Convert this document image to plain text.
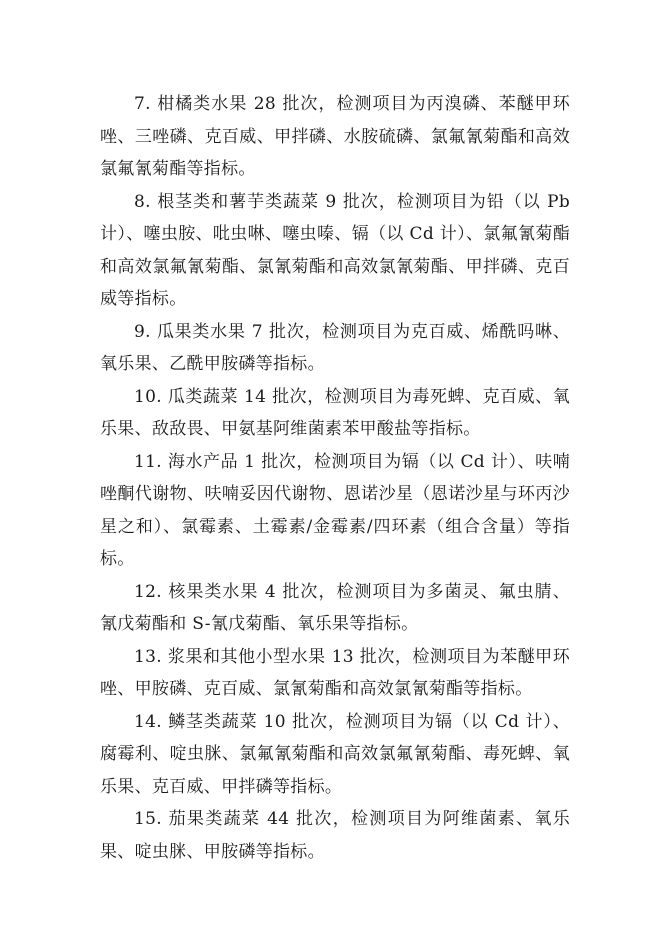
7. 柑橘类水果 28 批次，检测项目为丙溴磷、苯醚甲环唑、三唑磷、克百威、甲拌磷、水胺硫磷、氯氟氰菊酯和高效氯氟氰菊酯等指标。

8. 根茎类和薯芋类蔬菜 9 批次，检测项目为铅（以 Pb 计）、噻虫胺、吡虫啉、噻虫嗪、镉（以 Cd 计）、氯氟氰菊酯和高效氯氟氰菊酯、氯氰菊酯和高效氯氰菊酯、甲拌磷、克百威等指标。

9. 瓜果类水果 7 批次，检测项目为克百威、烯酰吗啉、氧乐果、乙酰甲胺磷等指标。

10. 瓜类蔬菜 14 批次，检测项目为毒死蜱、克百威、氧乐果、敌敌畏、甲氨基阿维菌素苯甲酸盐等指标。

11. 海水产品 1 批次，检测项目为镉（以 Cd 计）、呋喃唑酮代谢物、呋喃妥因代谢物、恩诺沙星（恩诺沙星与环丙沙星之和）、氯霉素、土霉素/金霉素/四环素（组合含量）等指标。

12. 核果类水果 4 批次，检测项目为多菌灵、氟虫腈、氰戊菊酯和 S-氰戊菊酯、氧乐果等指标。

13. 浆果和其他小型水果 13 批次，检测项目为苯醚甲环唑、甲胺磷、克百威、氯氰菊酯和高效氯氰菊酯等指标。

14. 鳞茎类蔬菜 10 批次，检测项目为镉（以 Cd 计）、腐霉利、啶虫脒、氯氟氰菊酯和高效氯氟氰菊酯、毒死蜱、氧乐果、克百威、甲拌磷等指标。

15. 茄果类蔬菜 44 批次，检测项目为阿维菌素、氧乐果、啶虫脒、甲胺磷等指标。
